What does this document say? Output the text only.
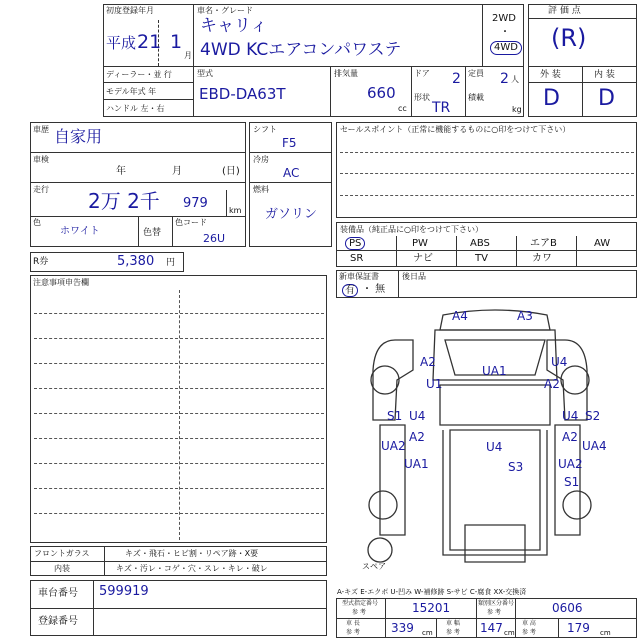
初度登録年月
平成 21 1
月
ディーラー・並 行
モデル年式 年
ハンドル 左・右
車名・グレード
キャリィ
4WD KCエアコンパワステ
2WD
・
4WD
型式
EBD-DA63T
排気量
660
cc
ドア 2
形状
TR
定員 2 人
積載
kg
評 価 点
(R)
外 装	内 装
D D
車歴 自家用
車検
年	月	(日)
走行 2万 2千 979	km
色
ホワイト	色替
色コード
26U
R券	5,380 円
注意事項申告欄
シフト
F5
冷房
AC
燃料
ガソリン
セールスポイント（正常に機能するものに○印をつけて下さい）
装備品（純正品に○印をつけて下さい）
PS	PW	ABS	エアB	AW
SR	ナビ	TV	カワ
新車保証書
有 ・ 無
後日品
A4	A3
A2
UA1
U4
U1	A2
S1 U4	U4 S2
A2	A2
UA2	U4	UA4
UA1	S3	UA2
S1
スペア
フロントガラス	キズ・飛石・ヒビ割・リペア跡・X要
内装	キズ・汚レ・コゲ・穴・スレ・キレ・破レ
車台番号 599919
登録番号
A-キズ E-エクボ U-凹み W-補修跡 S-サビ C-腐食 XX-交換済
型式指定番号
参 考	15201	類別区分番号
参 考	0606
車 長
参 考	339 cm
車 幅
参 考 147 cm
車 高
参 考	179 cm
